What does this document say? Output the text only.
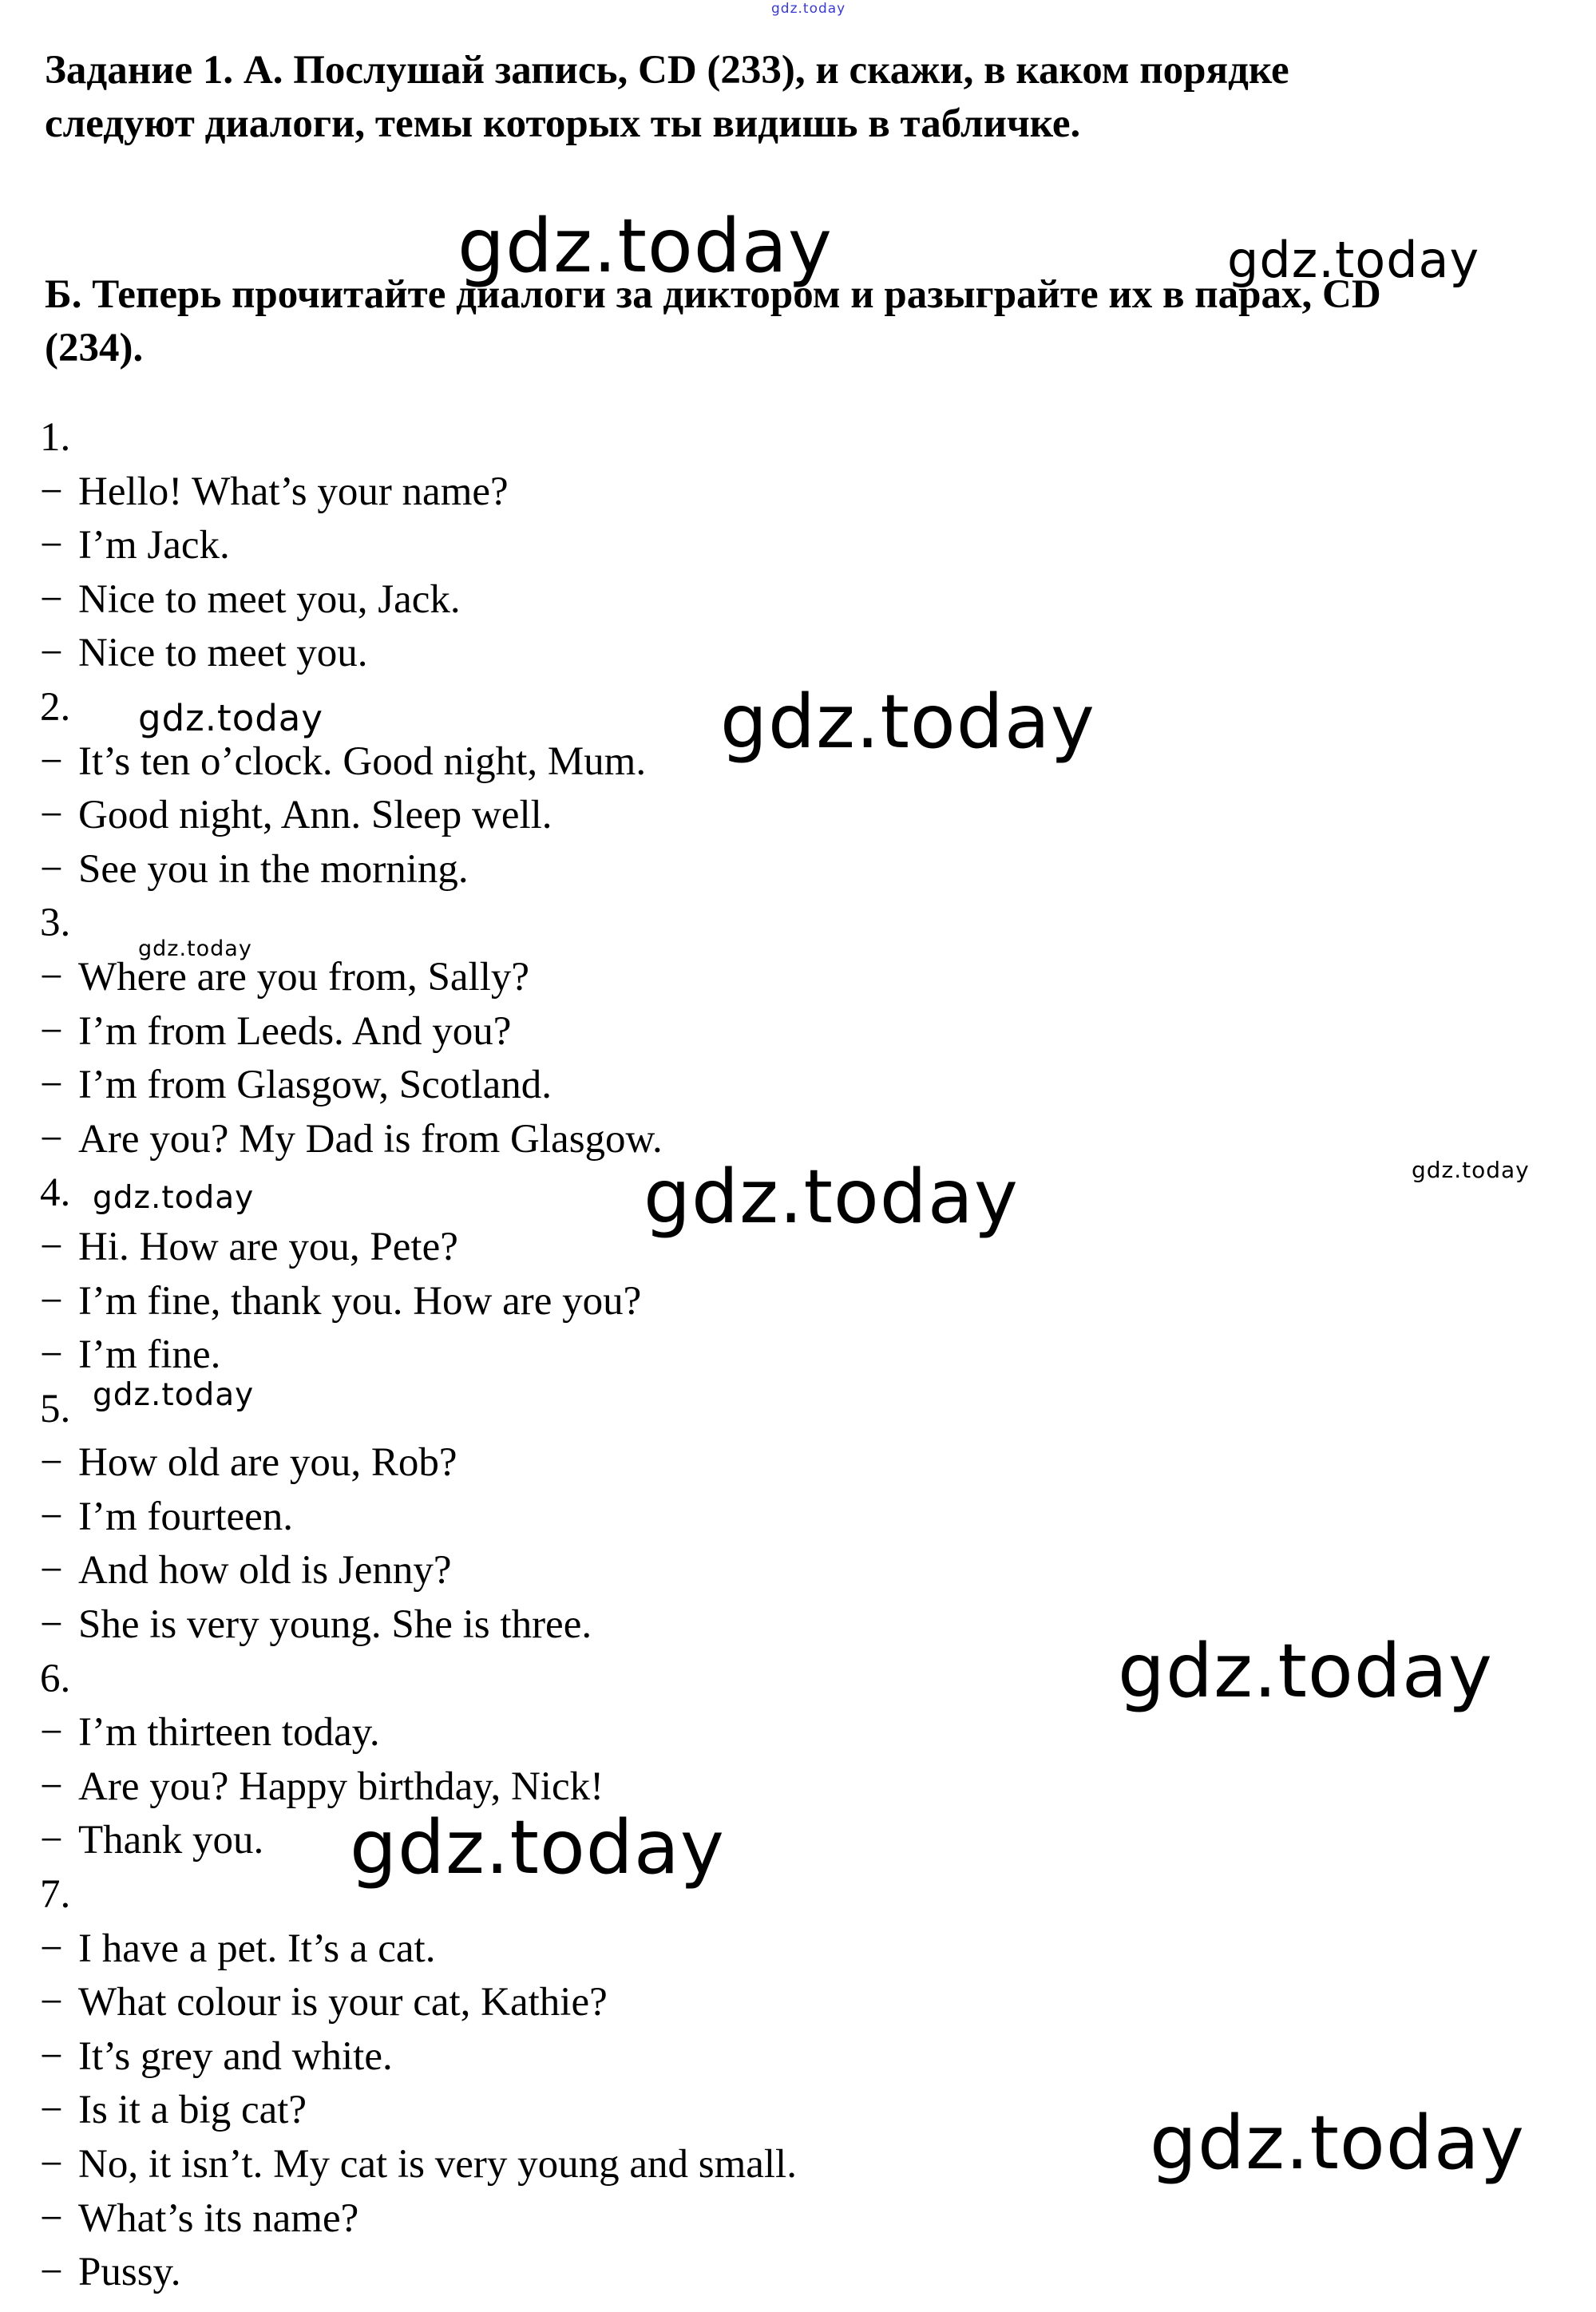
Задание 1. А. Послушай запись, CD (233), и скажи, в каком порядке
следуют диалоги, темы которых ты видишь в табличке.
Б. Теперь прочитайте диалоги за диктором и разыграйте их в парах, CD
(234).
1.
− Hello! What’s your name?
− I’m Jack.
− Nice to meet you, Jack.
− Nice to meet you.
2.
− It’s ten o’clock. Good night, Mum.
− Good night, Ann. Sleep well.
− See you in the morning.
3.
− Where are you from, Sally?
− I’m from Leeds. And you?
− I’m from Glasgow, Scotland.
− Are you? My Dad is from Glasgow.
4.
− Hi. How are you, Pete?
− I’m fine, thank you. How are you?
− I’m fine.
5.
− How old are you, Rob?
− I’m fourteen.
− And how old is Jenny?
− She is very young. She is three.
6.
− I’m thirteen today.
− Are you? Happy birthday, Nick!
− Thank you.
7.
− I have a pet. It’s a cat.
− What colour is your cat, Kathie?
− It’s grey and white.
− Is it a big cat?
− No, it isn’t. My cat is very young and small.
− What’s its name?
− Pussy.
gdz.today
gdz.today	gdz.today
gdz.today	gdz.today
gdz.today
gdz.today
gdz.today	gdz.today
gdz.today
gdz.today
gdz.today
gdz.today
